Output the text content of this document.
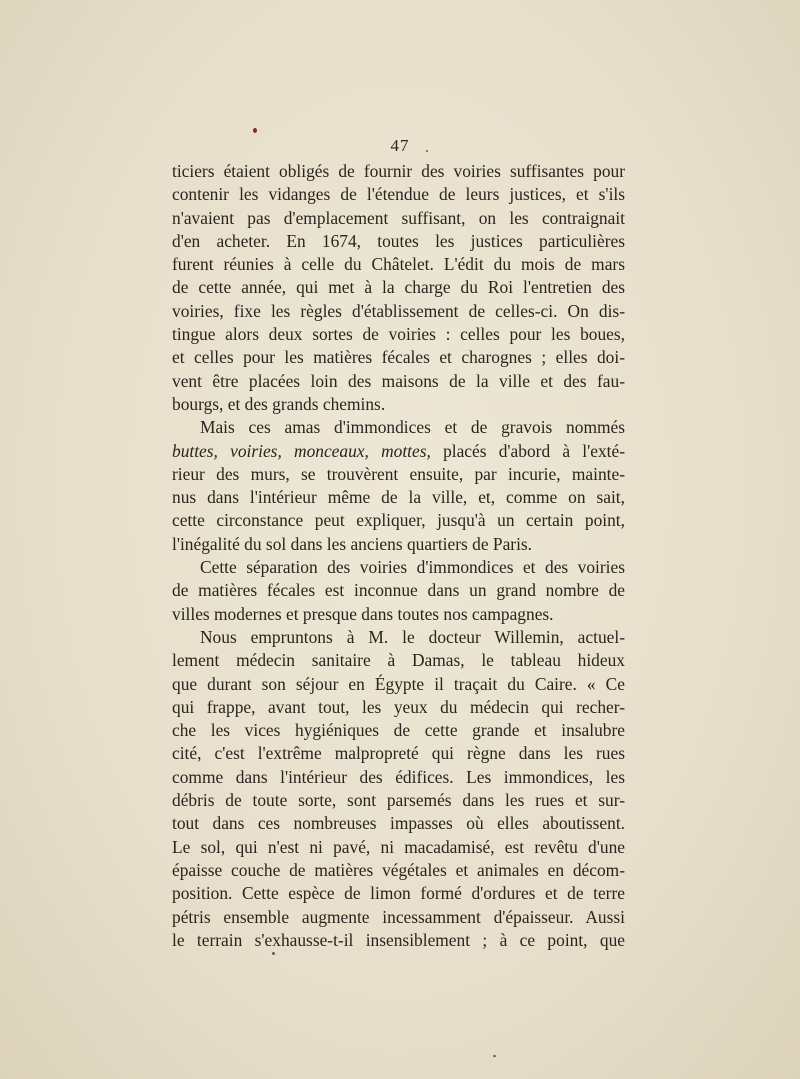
47
ticiers étaient obligés de fournir des voiries suffisantes pour
contenir les vidanges de l'étendue de leurs justices, et s'ils
n'avaient pas d'emplacement suffisant, on les contraignait
d'en acheter. En 1674, toutes les justices particulières
furent réunies à celle du Châtelet. L'édit du mois de mars
de cette année, qui met à la charge du Roi l'entretien des
voiries, fixe les règles d'établissement de celles-ci. On dis-
tingue alors deux sortes de voiries : celles pour les boues,
et celles pour les matières fécales et charognes ; elles doi-
vent être placées loin des maisons de la ville et des fau-
bourgs, et des grands chemins.
Mais ces amas d'immondices et de gravois nommés
buttes, voiries, monceaux, mottes, placés d'abord à l'exté-
rieur des murs, se trouvèrent ensuite, par incurie, mainte-
nus dans l'intérieur même de la ville, et, comme on sait,
cette circonstance peut expliquer, jusqu'à un certain point,
l'inégalité du sol dans les anciens quartiers de Paris.
Cette séparation des voiries d'immondices et des voiries
de matières fécales est inconnue dans un grand nombre de
villes modernes et presque dans toutes nos campagnes.
Nous empruntons à M. le docteur Willemin, actuel-
lement médecin sanitaire à Damas, le tableau hideux
que durant son séjour en Égypte il traçait du Caire. « Ce
qui frappe, avant tout, les yeux du médecin qui recher-
che les vices hygiéniques de cette grande et insalubre
cité, c'est l'extrême malpropreté qui règne dans les rues
comme dans l'intérieur des édifices. Les immondices, les
débris de toute sorte, sont parsemés dans les rues et sur-
tout dans ces nombreuses impasses où elles aboutissent.
Le sol, qui n'est ni pavé, ni macadamisé, est revêtu d'une
épaisse couche de matières végétales et animales en décom-
position. Cette espèce de limon formé d'ordures et de terre
pétris ensemble augmente incessamment d'épaisseur. Aussi
le terrain s'exhausse-t-il insensiblement ; à ce point, que
